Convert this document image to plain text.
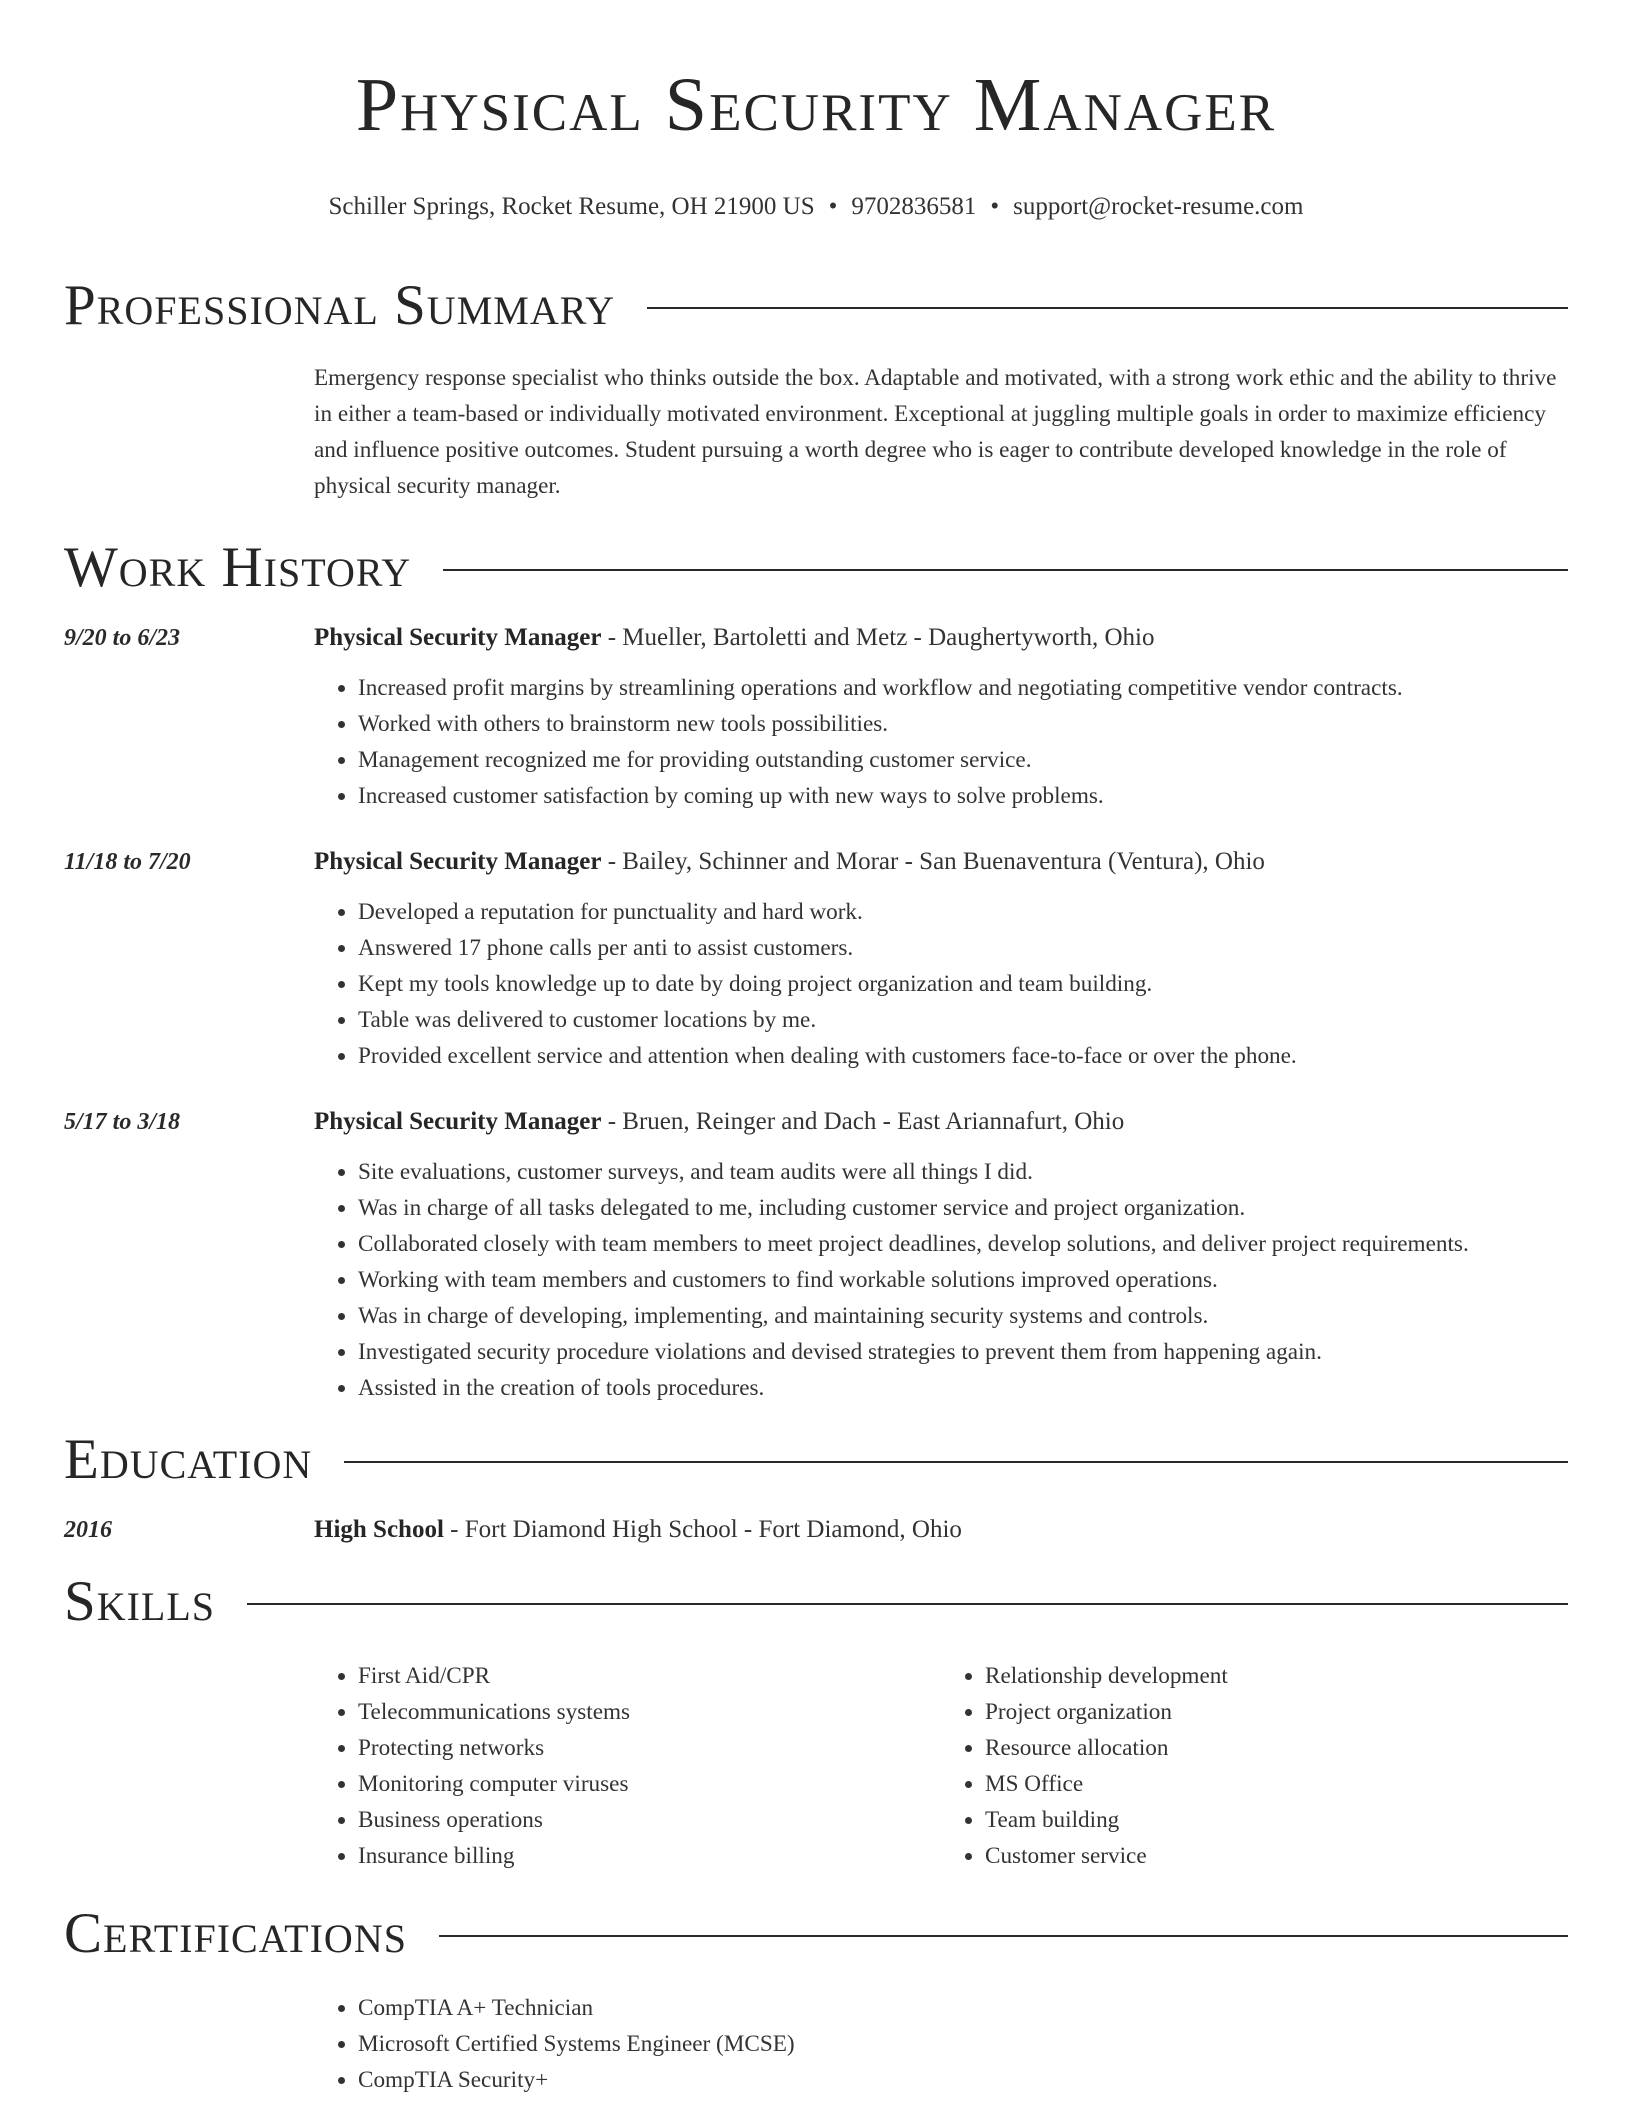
Physical Security Manager
Schiller Springs, Rocket Resume, OH 21900 US • 9702836581 • support@rocket-resume.com
Professional Summary
Emergency response specialist who thinks outside the box. Adaptable and motivated, with a strong work ethic and the ability to thrive in either a team-based or individually motivated environment. Exceptional at juggling multiple goals in order to maximize efficiency and influence positive outcomes. Student pursuing a worth degree who is eager to contribute developed knowledge in the role of physical security manager.
Work History
9/20 to 6/23	Physical Security Manager - Mueller, Bartoletti and Metz - Daughertyworth, Ohio
• Increased profit margins by streamlining operations and workflow and negotiating competitive vendor contracts.
• Worked with others to brainstorm new tools possibilities.
• Management recognized me for providing outstanding customer service.
• Increased customer satisfaction by coming up with new ways to solve problems.
11/18 to 7/20	Physical Security Manager - Bailey, Schinner and Morar - San Buenaventura (Ventura), Ohio
• Developed a reputation for punctuality and hard work.
• Answered 17 phone calls per anti to assist customers.
• Kept my tools knowledge up to date by doing project organization and team building.
• Table was delivered to customer locations by me.
• Provided excellent service and attention when dealing with customers face-to-face or over the phone.
5/17 to 3/18	Physical Security Manager - Bruen, Reinger and Dach - East Ariannafurt, Ohio
• Site evaluations, customer surveys, and team audits were all things I did.
• Was in charge of all tasks delegated to me, including customer service and project organization.
• Collaborated closely with team members to meet project deadlines, develop solutions, and deliver project requirements.
• Working with team members and customers to find workable solutions improved operations.
• Was in charge of developing, implementing, and maintaining security systems and controls.
• Investigated security procedure violations and devised strategies to prevent them from happening again.
• Assisted in the creation of tools procedures.
Education
2016	High School - Fort Diamond High School - Fort Diamond, Ohio
Skills
• First Aid/CPR
• Telecommunications systems
• Protecting networks
• Monitoring computer viruses
• Business operations
• Insurance billing
• Relationship development
• Project organization
• Resource allocation
• MS Office
• Team building
• Customer service
Certifications
• CompTIA A+ Technician
• Microsoft Certified Systems Engineer (MCSE)
• CompTIA Security+
